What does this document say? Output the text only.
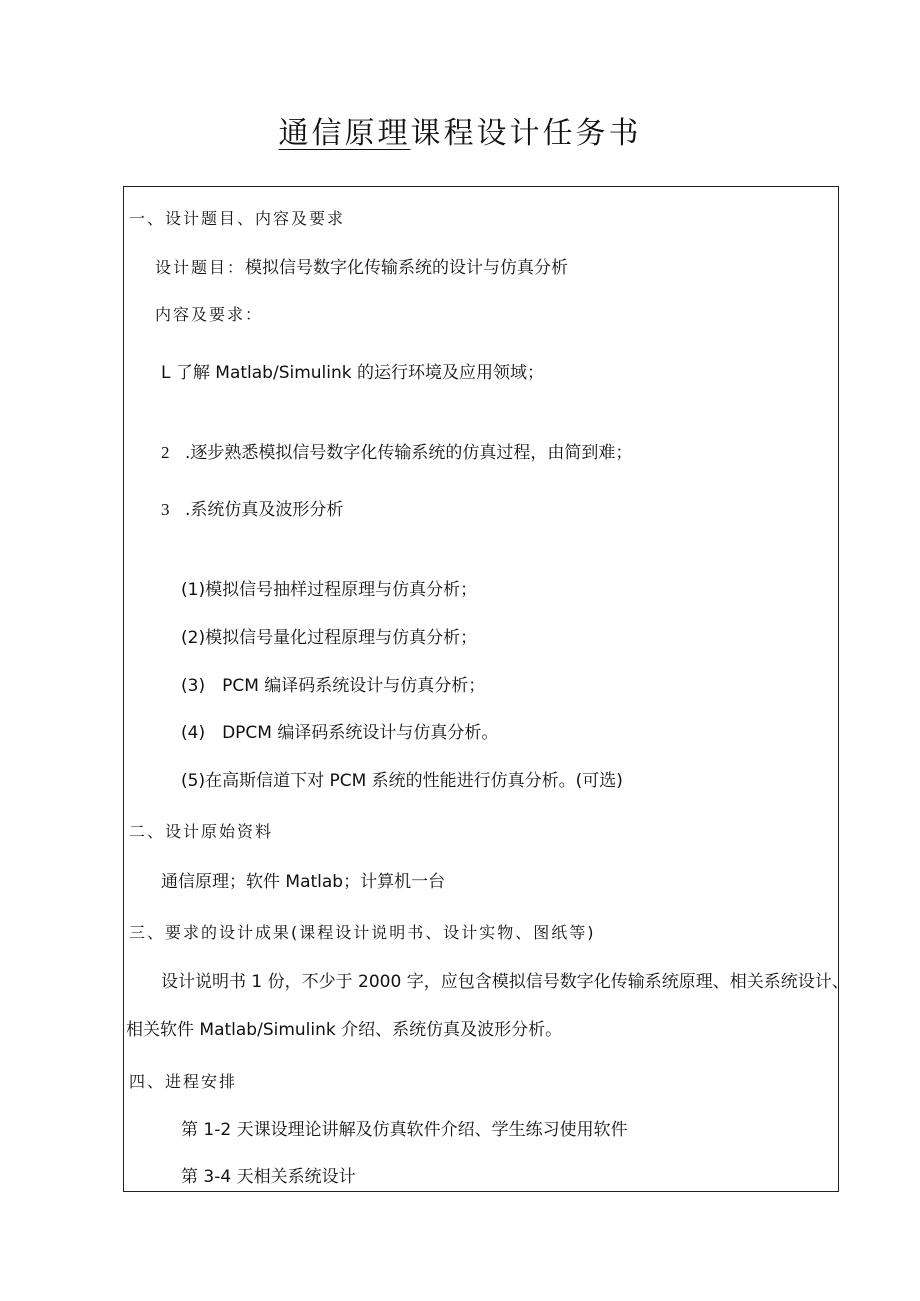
通信原理课程设计任务书
一、设计题目、内容及要求
设计题目：模拟信号数字化传输系统的设计与仿真分析
内容及要求：
L 了解 Matlab/Simulink 的运行环境及应用领域；
2 .逐步熟悉模拟信号数字化传输系统的仿真过程，由简到难；
3 .系统仿真及波形分析
(1)模拟信号抽样过程原理与仿真分析；
(2)模拟信号量化过程原理与仿真分析；
(3)　PCM 编译码系统设计与仿真分析；
(4)　DPCM 编译码系统设计与仿真分析。
(5)在高斯信道下对 PCM 系统的性能进行仿真分析。(可选)
二、设计原始资料
通信原理；软件 Matlab；计算机一台
三、要求的设计成果(课程设计说明书、设计实物、图纸等)
设计说明书 1 份，不少于 2000 字，应包含模拟信号数字化传输系统原理、相关系统设计、
相关软件 Matlab/Simulink 介绍、系统仿真及波形分析。
四、进程安排
第 1-2 天课设理论讲解及仿真软件介绍、学生练习使用软件
第 3-4 天相关系统设计
